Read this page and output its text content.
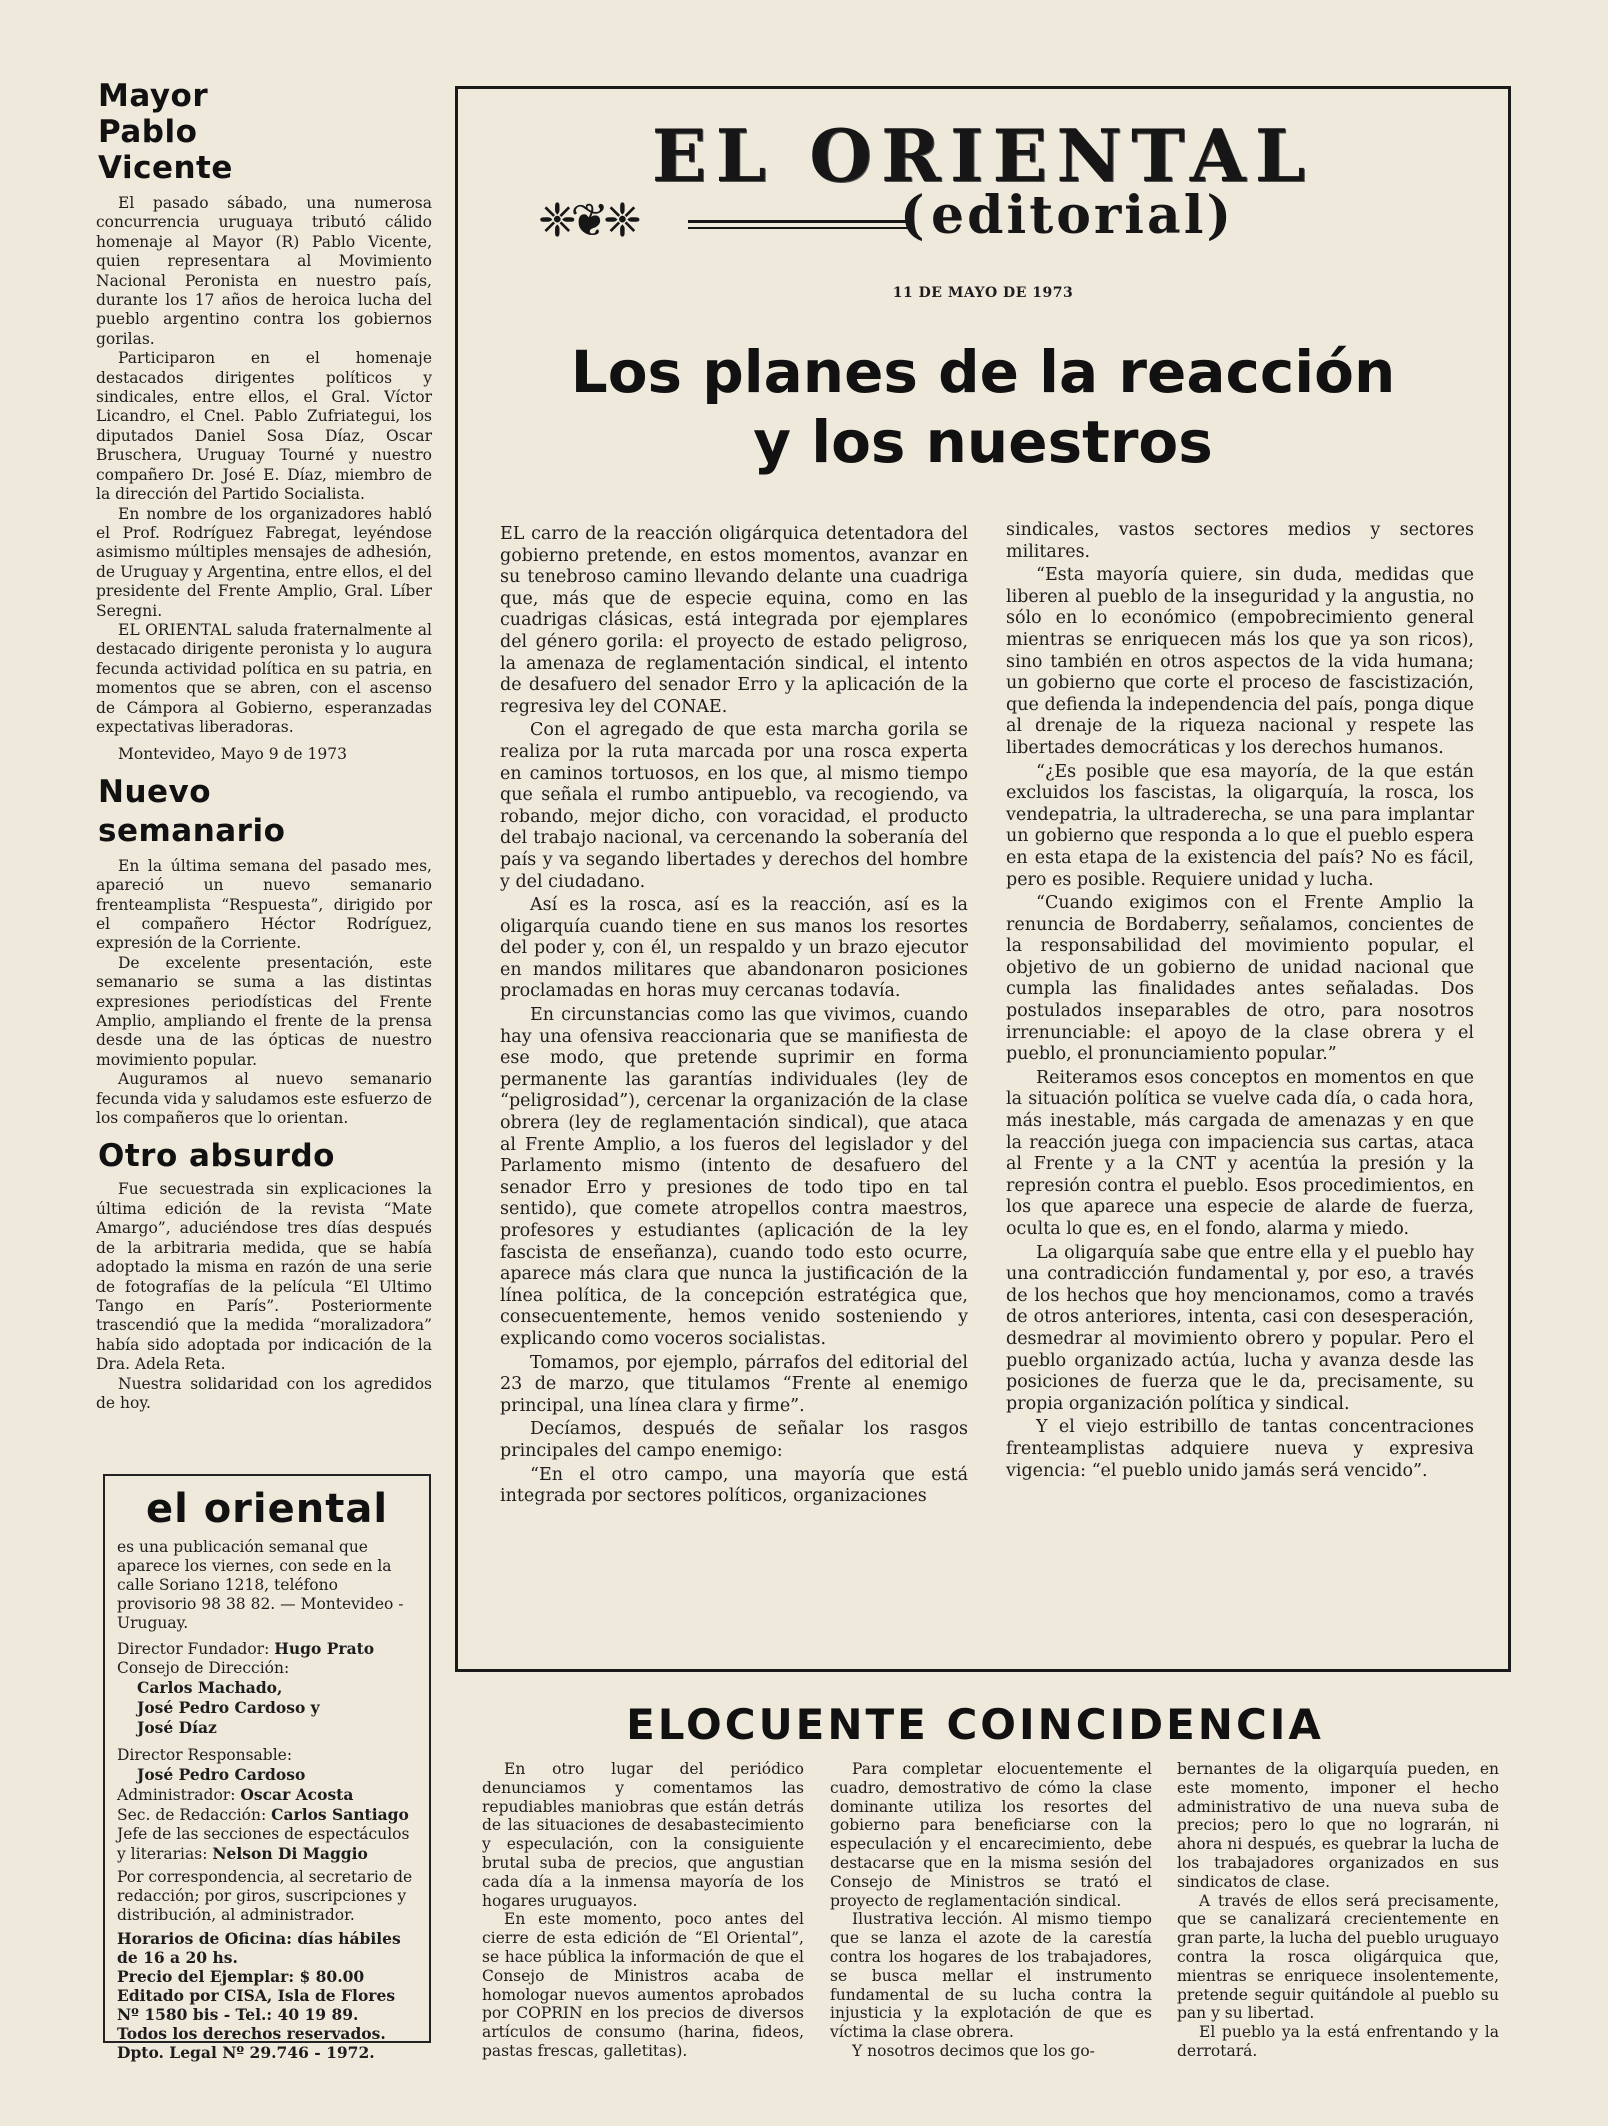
Mayor
Pablo
Vicente

El pasado sábado, una numerosa concurrencia uruguaya tributó cálido homenaje al Mayor (R) Pablo Vicente, quien representara al Movimiento Nacional Peronista en nuestro país, durante los 17 años de heroica lucha del pueblo argentino contra los gobiernos gorilas.

Participaron en el homenaje destacados dirigentes políticos y sindicales, entre ellos, el Gral. Víctor Licandro, el Cnel. Pablo Zufriategui, los diputados Daniel Sosa Díaz, Oscar Bruschera, Uruguay Tourné y nuestro compañero Dr. José E. Díaz, miembro de la dirección del Partido Socialista.

En nombre de los organizadores habló el Prof. Rodríguez Fabregat, leyéndose asimismo múltiples mensajes de adhesión, de Uruguay y Argentina, entre ellos, el del presidente del Frente Amplio, Gral. Líber Seregni.

EL ORIENTAL saluda fraternalmente al destacado dirigente peronista y lo augura fecunda actividad política en su patria, en momentos que se abren, con el ascenso de Cámpora al Gobierno, esperanzadas expectativas liberadoras.

Montevideo, Mayo 9 de 1973

Nuevo
semanario

En la última semana del pasado mes, apareció un nuevo semanario frenteamplista “Respuesta”, dirigido por el compañero Héctor Rodríguez, expresión de la Corriente.

De excelente presentación, este semanario se suma a las distintas expresiones periodísticas del Frente Amplio, ampliando el frente de la prensa desde una de las ópticas de nuestro movimiento popular.

Auguramos al nuevo semanario fecunda vida y saludamos este esfuerzo de los compañeros que lo orientan.

Otro absurdo

Fue secuestrada sin explicaciones la última edición de la revista “Mate Amargo”, aduciéndose tres días después de la arbitraria medida, que se había adoptado la misma en razón de una serie de fotografías de la película “El Ultimo Tango en París”. Posteriormente trascendió que la medida “moralizadora” había sido adoptada por indicación de la Dra. Adela Reta.

Nuestra solidaridad con los agredidos de hoy.

el oriental

es una publicación semanal que aparece los viernes, con sede en la calle Soriano 1218, teléfono provisorio 98 38 82. — Montevideo - Uruguay.

Director Fundador: Hugo Prato

Consejo de Dirección:

Carlos Machado,

José Pedro Cardoso y

José Díaz

Director Responsable:

José Pedro Cardoso

Administrador: Oscar Acosta

Sec. de Redacción: Carlos Santiago

Jefe de las secciones de espectáculos y literarias: Nelson Di Maggio

Por correspondencia, al secretario de redacción; por giros, suscripciones y distribución, al administrador.

Horarios de Oficina: días hábiles de 16 a 20 hs.

Precio del Ejemplar: $ 80.00

Editado por CISA, Isla de Flores Nº 1580 bis - Tel.: 40 19 89.

Todos los derechos reservados.

Dpto. Legal Nº 29.746 - 1972.

EL ORIENTAL
❈❦❈	( editorial)
11 DE MAYO DE 1973
Los planes de la reacción
y los nuestros

EL carro de la reacción oligárquica detentadora del gobierno pretende, en estos momentos, avanzar en su tenebroso camino llevando delante una cuadriga que, más que de especie equina, como en las cuadrigas clásicas, está integrada por ejemplares del género gorila: el proyecto de estado peligroso, la amenaza de reglamentación sindical, el intento de desafuero del senador Erro y la aplicación de la regresiva ley del CONAE.

Con el agregado de que esta marcha gorila se realiza por la ruta marcada por una rosca experta en caminos tortuosos, en los que, al mismo tiempo que señala el rumbo antipueblo, va recogiendo, va robando, mejor dicho, con voracidad, el producto del trabajo nacional, va cercenando la soberanía del país y va segando libertades y derechos del hombre y del ciudadano.

Así es la rosca, así es la reacción, así es la oligarquía cuando tiene en sus manos los resortes del poder y, con él, un respaldo y un brazo ejecutor en mandos militares que abandonaron posiciones proclamadas en horas muy cercanas todavía.

En circunstancias como las que vivimos, cuando hay una ofensiva reaccionaria que se manifiesta de ese modo, que pretende suprimir en forma permanente las garantías individuales (ley de “peligrosidad”), cercenar la organización de la clase obrera (ley de reglamentación sindical), que ataca al Frente Amplio, a los fueros del legislador y del Parlamento mismo (intento de desafuero del senador Erro y presiones de todo tipo en tal sentido), que comete atropellos contra maestros, profesores y estudiantes (aplicación de la ley fascista de enseñanza), cuando todo esto ocurre, aparece más clara que nunca la justificación de la línea política, de la concepción estratégica que, consecuentemente, hemos venido sosteniendo y explicando como voceros socialistas.

Tomamos, por ejemplo, párrafos del editorial del 23 de marzo, que titulamos “Frente al enemigo principal, una línea clara y firme”.

Decíamos, después de señalar los rasgos principales del campo enemigo:

“En el otro campo, una mayoría que está integrada por sectores políticos, organizaciones

sindicales, vastos sectores medios y sectores militares.

“Esta mayoría quiere, sin duda, medidas que liberen al pueblo de la inseguridad y la angustia, no sólo en lo económico (empobrecimiento general mientras se enriquecen más los que ya son ricos), sino también en otros aspectos de la vida humana; un gobierno que corte el proceso de fascistización, que defienda la independencia del país, ponga dique al drenaje de la riqueza nacional y respete las libertades democráticas y los derechos humanos.

“¿Es posible que esa mayoría, de la que están excluidos los fascistas, la oligarquía, la rosca, los vendepatria, la ultraderecha, se una para implantar un gobierno que responda a lo que el pueblo espera en esta etapa de la existencia del país? No es fácil, pero es posible. Requiere unidad y lucha.

“Cuando exigimos con el Frente Amplio la renuncia de Bordaberry, señalamos, concientes de la responsabilidad del movimiento popular, el objetivo de un gobierno de unidad nacional que cumpla las finalidades antes señaladas. Dos postulados inseparables de otro, para nosotros irrenunciable: el apoyo de la clase obrera y el pueblo, el pronunciamiento popular.”

Reiteramos esos conceptos en momentos en que la situación política se vuelve cada día, o cada hora, más inestable, más cargada de amenazas y en que la reacción juega con impaciencia sus cartas, ataca al Frente y a la CNT y acentúa la presión y la represión contra el pueblo. Esos procedimientos, en los que aparece una especie de alarde de fuerza, oculta lo que es, en el fondo, alarma y miedo.

La oligarquía sabe que entre ella y el pueblo hay una contradicción fundamental y, por eso, a través de los hechos que hoy mencionamos, como a través de otros anteriores, intenta, casi con desesperación, desmedrar al movimiento obrero y popular. Pero el pueblo organizado actúa, lucha y avanza desde las posiciones de fuerza que le da, precisamente, su propia organización política y sindical.

Y el viejo estribillo de tantas concentraciones frenteamplistas adquiere nueva y expresiva vigencia: “el pueblo unido jamás será vencido”.

ELOCUENTE COINCIDENCIA

En otro lugar del periódico denunciamos y comentamos las repudiables maniobras que están detrás de las situaciones de desabastecimiento y especulación, con la consiguiente brutal suba de precios, que angustian cada día a la inmensa mayoría de los hogares uruguayos.

En este momento, poco antes del cierre de esta edición de “El Oriental”, se hace pública la información de que el Consejo de Ministros acaba de homologar nuevos aumentos aprobados por COPRIN en los precios de diversos artículos de consumo (harina, fideos, pastas frescas, galletitas).

Para completar elocuentemente el cuadro, demostrativo de cómo la clase dominante utiliza los resortes del gobierno para beneficiarse con la especulación y el encarecimiento, debe destacarse que en la misma sesión del Consejo de Ministros se trató el proyecto de reglamentación sindical.

Ilustrativa lección. Al mismo tiempo que se lanza el azote de la carestía contra los hogares de los trabajadores, se busca mellar el instrumento fundamental de su lucha contra la injusticia y la explotación de que es víctima la clase obrera.

Y nosotros decimos que los go-

bernantes de la oligarquía pueden, en este momento, imponer el hecho administrativo de una nueva suba de precios; pero lo que no lograrán, ni ahora ni después, es quebrar la lucha de los trabajadores organizados en sus sindicatos de clase.

A través de ellos será precisamente, que se canalizará crecientemente en gran parte, la lucha del pueblo uruguayo contra la rosca oligárquica que, mientras se enriquece insolentemente, pretende seguir quitándole al pueblo su pan y su libertad.

El pueblo ya la está enfrentando y la derrotará.
